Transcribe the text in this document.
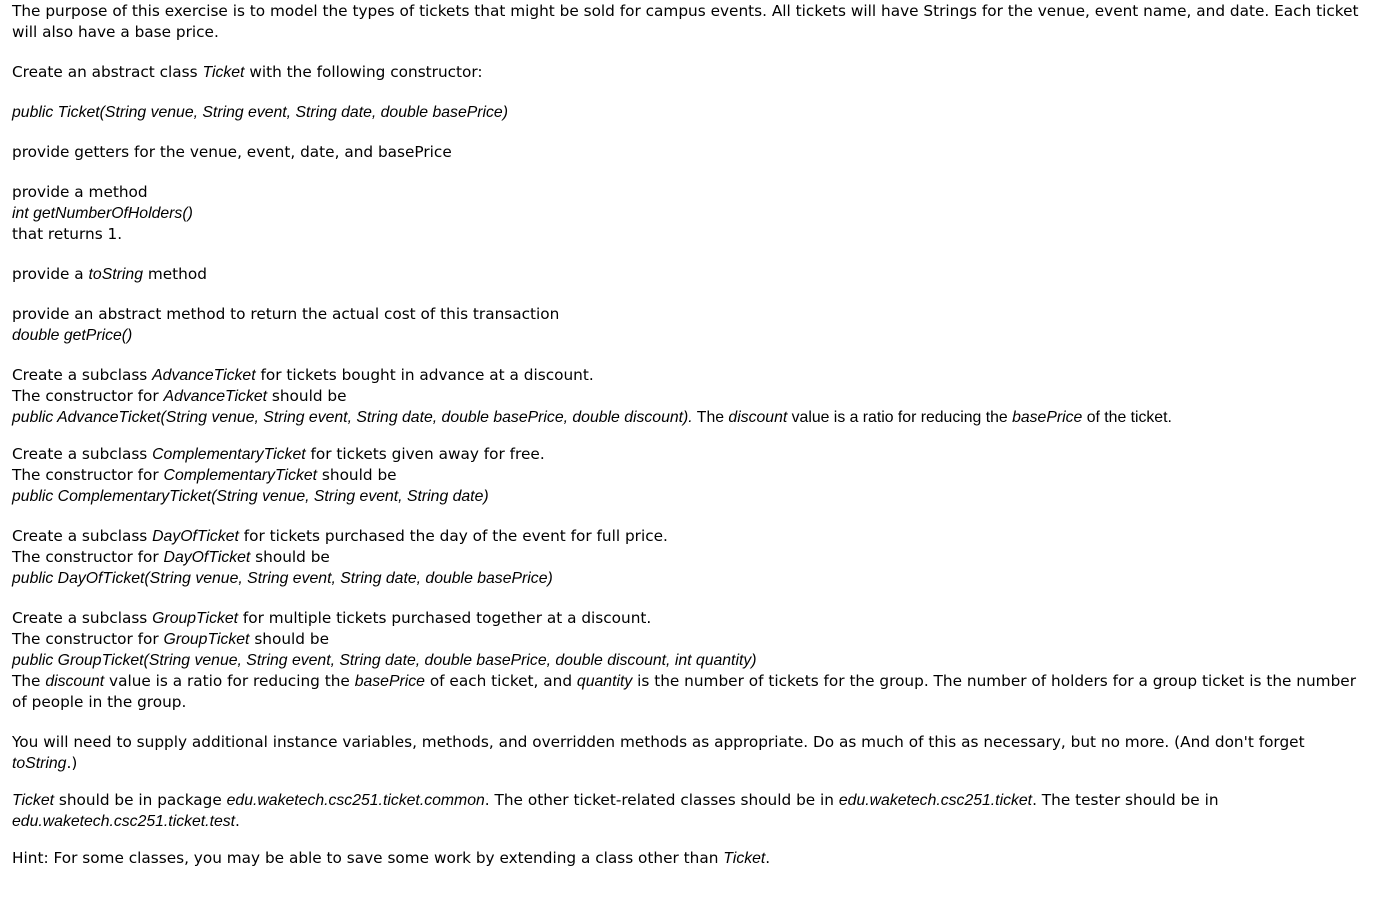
The purpose of this exercise is to model the types of tickets that might be sold for campus events. All tickets will have Strings for the venue, event name, and date. Each ticket will also have a base price.

Create an abstract class Ticket with the following constructor:

public Ticket(String venue, String event, String date, double basePrice)

provide getters for the venue, event, date, and basePrice

provide a method
int getNumberOfHolders()
that returns 1.

provide a toString method

provide an abstract method to return the actual cost of this transaction
double getPrice()

Create a subclass AdvanceTicket for tickets bought in advance at a discount.
The constructor for AdvanceTicket should be
public AdvanceTicket(String venue, String event, String date, double basePrice, double discount). The discount value is a ratio for reducing the basePrice of the ticket.

Create a subclass ComplementaryTicket for tickets given away for free.
The constructor for ComplementaryTicket should be
public ComplementaryTicket(String venue, String event, String date)

Create a subclass DayOfTicket for tickets purchased the day of the event for full price.
The constructor for DayOfTicket should be
public DayOfTicket(String venue, String event, String date, double basePrice)

Create a subclass GroupTicket for multiple tickets purchased together at a discount.
The constructor for GroupTicket should be
public GroupTicket(String venue, String event, String date, double basePrice, double discount, int quantity)
The discount value is a ratio for reducing the basePrice of each ticket, and quantity is the number of tickets for the group. The number of holders for a group ticket is the number of people in the group.

You will need to supply additional instance variables, methods, and overridden methods as appropriate. Do as much of this as necessary, but no more. (And don't forget toString.)

Ticket should be in package edu.waketech.csc251.ticket.common. The other ticket-related classes should be in edu.waketech.csc251.ticket. The tester should be in edu.waketech.csc251.ticket.test.

Hint: For some classes, you may be able to save some work by extending a class other than Ticket.
